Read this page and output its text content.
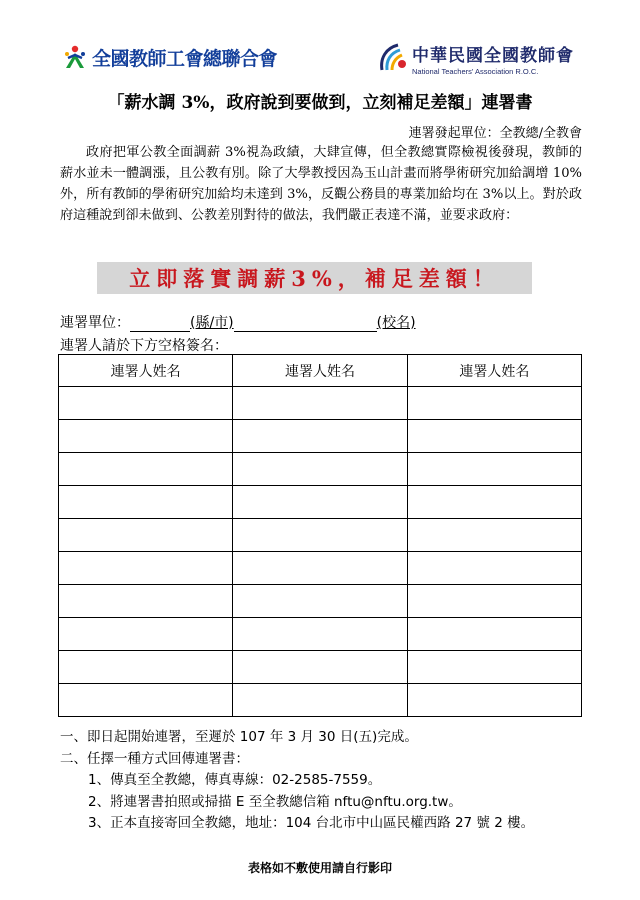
全國教師工會總聯合會	中華民國全國教師會
National Teachers' Association R.O.C.
「薪水調 3%，政府說到要做到，立刻補足差額」連署書
連署發起單位：全教總/全教會

政府把軍公教全面調薪 3%視為政績，大肆宣傳，但全教總實際檢視後發現，教師的薪水並未一體調漲，且公教有別。除了大學教授因為玉山計畫而將學術研究加給調增 10%外，所有教師的學術研究加給均未達到 3%，反觀公務員的專業加給均在 3%以上。對於政府這種說到卻未做到、公教差別對待的做法，我們嚴正表達不滿，並要求政府：

立即落實調薪3%，補足差額！
連署單位：	(縣/市)	(校名)
連署人請於下方空格簽名：
連署人姓名	連署人姓名	連署人姓名

一、即日起開始連署，至遲於 107 年 3 月 30 日(五)完成。
二、任擇一種方式回傳連署書：
1、傳真至全教總，傳真專線：02-2585-7559。
2、將連署書拍照或掃描 E 至全教總信箱 nftu@nftu.org.tw。
3、正本直接寄回全教總，地址：104 台北市中山區民權西路 27 號 2 樓。
表格如不敷使用請自行影印
